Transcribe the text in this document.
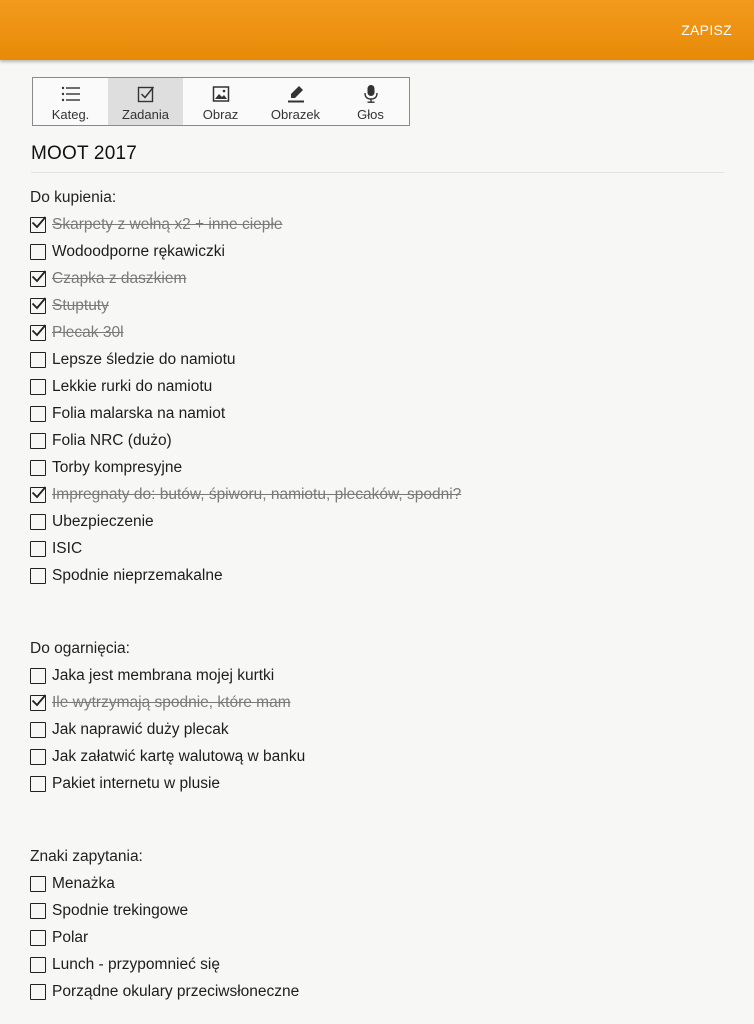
ZAPISZ
Kateg.	Zadania	Obraz	Obrazek	Głos
MOOT 2017
Do kupienia:
Skarpety z wełną x2 + inne ciepłe
Wodoodporne rękawiczki
Czapka z daszkiem
Stuptuty
Plecak 30l
Lepsze śledzie do namiotu
Lekkie rurki do namiotu
Folia malarska na namiot
Folia NRC (dużo)
Torby kompresyjne
Impregnaty do: butów, śpiworu, namiotu, plecaków, spodni?
Ubezpieczenie
ISIC
Spodnie nieprzemakalne
Do ogarnięcia:
Jaka jest membrana mojej kurtki
Ile wytrzymają spodnie, które mam
Jak naprawić duży plecak
Jak załatwić kartę walutową w banku
Pakiet internetu w plusie
Znaki zapytania:
Menażka
Spodnie trekingowe
Polar
Lunch - przypomnieć się
Porządne okulary przeciwsłoneczne
